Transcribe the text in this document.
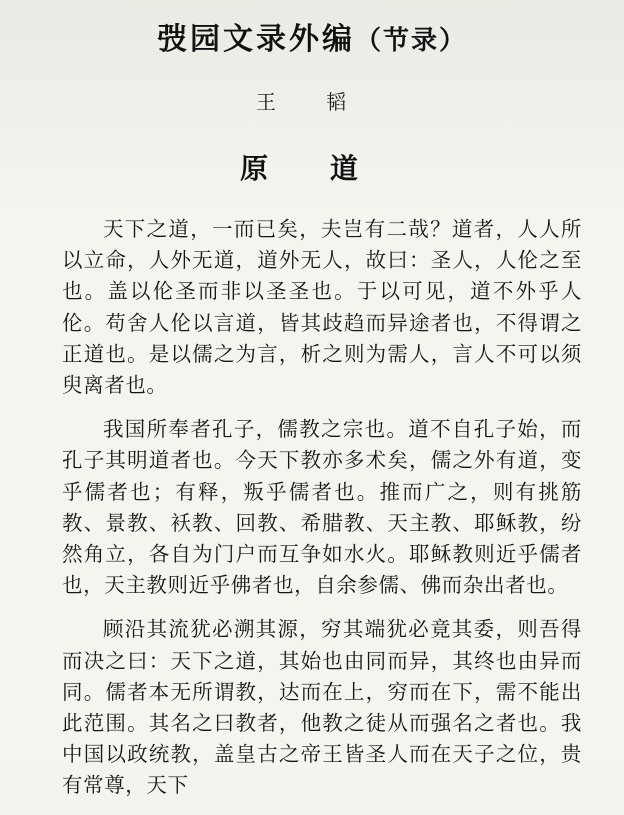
弢园文录外编（节录）
王 韬
原 道

天下之道，一而已矣，夫岂有二哉？道者，人人所以立命，人外无道，道外无人，故曰：圣人，人伦之至也。盖以伦圣而非以圣圣也。于以可见，道不外乎人伦。苟舍人伦以言道，皆其歧趋而异途者也，不得谓之正道也。是以儒之为言，析之则为需人，言人不可以须臾离者也。

我国所奉者孔子，儒教之宗也。道不自孔子始，而孔子其明道者也。今天下教亦多术矣，儒之外有道，变乎儒者也；有释，叛乎儒者也。推而广之，则有挑筋教、景教、袄教、回教、希腊教、天主教、耶稣教，纷然角立，各自为门户而互争如水火。耶稣教则近乎儒者也，天主教则近乎佛者也，自余参儒、佛而杂出者也。

顾沿其流犹必溯其源，穷其端犹必竟其委，则吾得而决之曰：天下之道，其始也由同而异，其终也由异而同。儒者本无所谓教，达而在上，穷而在下，需不能出此范围。其名之曰教者，他教之徒从而强名之者也。我中国以政统教，盖皇古之帝王皆圣人而在天子之位，贵有常尊，天下
